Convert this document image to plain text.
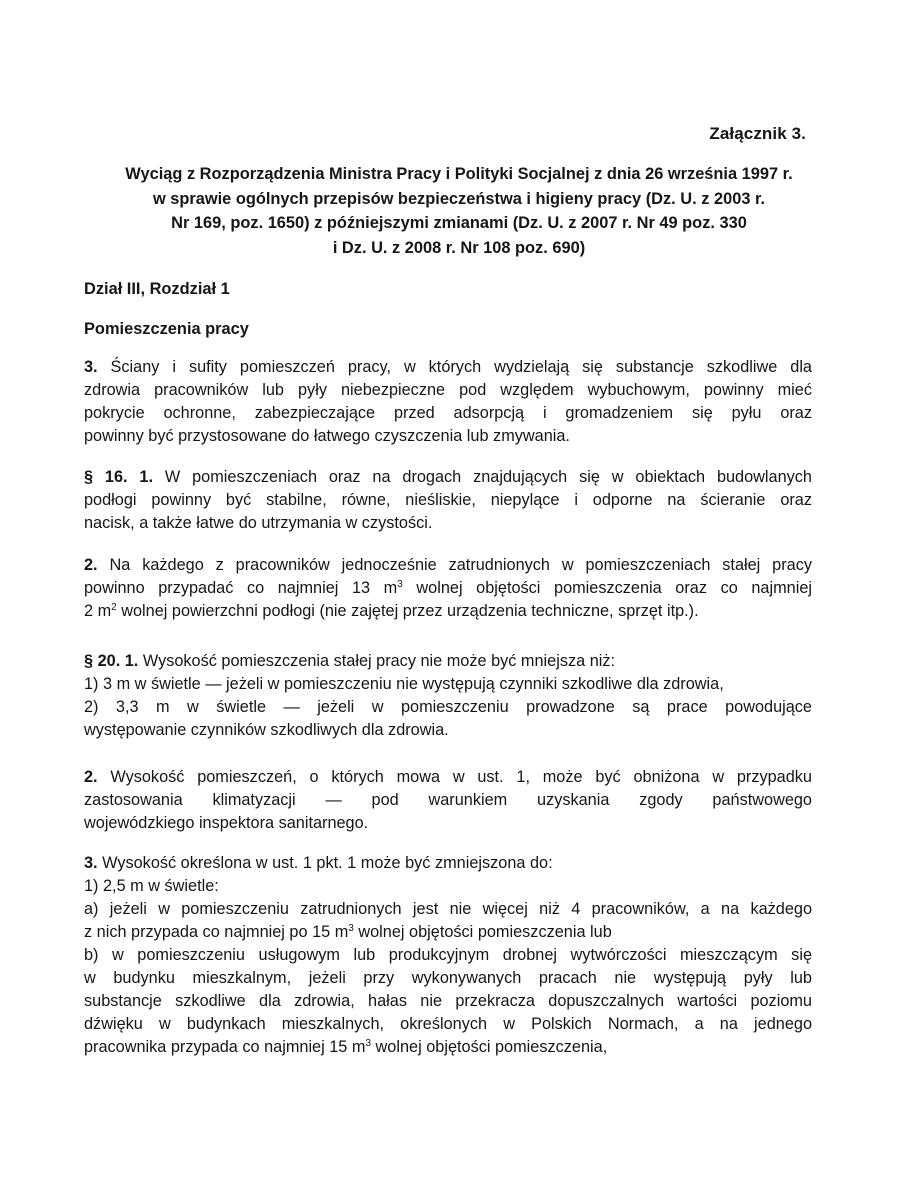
Załącznik 3.
Wyciąg z Rozporządzenia Ministra Pracy i Polityki Socjalnej z dnia 26 września 1997 r.
w sprawie ogólnych przepisów bezpieczeństwa i higieny pracy (Dz. U. z 2003 r.
Nr 169, poz. 1650) z późniejszymi zmianami (Dz. U. z 2007 r. Nr 49 poz. 330
i Dz. U. z 2008 r. Nr 108 poz. 690)
Dział III, Rozdział 1
Pomieszczenia pracy
3. Ściany i sufity pomieszczeń pracy, w których wydzielają się substancje szkodliwe dla
zdrowia pracowników lub pyły niebezpieczne pod względem wybuchowym, powinny mieć
pokrycie ochronne, zabezpieczające przed adsorpcją i gromadzeniem się pyłu oraz
powinny być przystosowane do łatwego czyszczenia lub zmywania.
§ 16. 1. W pomieszczeniach oraz na drogach znajdujących się w obiektach budowlanych
podłogi powinny być stabilne, równe, nieśliskie, niepylące i odporne na ścieranie oraz
nacisk, a także łatwe do utrzymania w czystości.
2. Na każdego z pracowników jednocześnie zatrudnionych w pomieszczeniach stałej pracy
powinno przypadać co najmniej 13 $m^3$ wolnej objętości pomieszczenia oraz co najmniej
2 $m^2$ wolnej powierzchni podłogi (nie zajętej przez urządzenia techniczne, sprzęt itp.).
§ 20. 1. Wysokość pomieszczenia stałej pracy nie może być mniejsza niż:
1) 3 m w świetle — jeżeli w pomieszczeniu nie występują czynniki szkodliwe dla zdrowia,
2) 3,3 m w świetle — jeżeli w pomieszczeniu prowadzone są prace powodujące
występowanie czynników szkodliwych dla zdrowia.
2. Wysokość pomieszczeń, o których mowa w ust. 1, może być obniżona w przypadku
zastosowania klimatyzacji — pod warunkiem uzyskania zgody państwowego
wojewódzkiego inspektora sanitarnego.
3. Wysokość określona w ust. 1 pkt. 1 może być zmniejszona do:
1) 2,5 m w świetle:
a) jeżeli w pomieszczeniu zatrudnionych jest nie więcej niż 4 pracowników, a na każdego
z nich przypada co najmniej po 15 $m^3$ wolnej objętości pomieszczenia lub
b) w pomieszczeniu usługowym lub produkcyjnym drobnej wytwórczości mieszczącym się
w budynku mieszkalnym, jeżeli przy wykonywanych pracach nie występują pyły lub
substancje szkodliwe dla zdrowia, hałas nie przekracza dopuszczalnych wartości poziomu
dźwięku w budynkach mieszkalnych, określonych w Polskich Normach, a na jednego
pracownika przypada co najmniej 15 $m^3$ wolnej objętości pomieszczenia,
